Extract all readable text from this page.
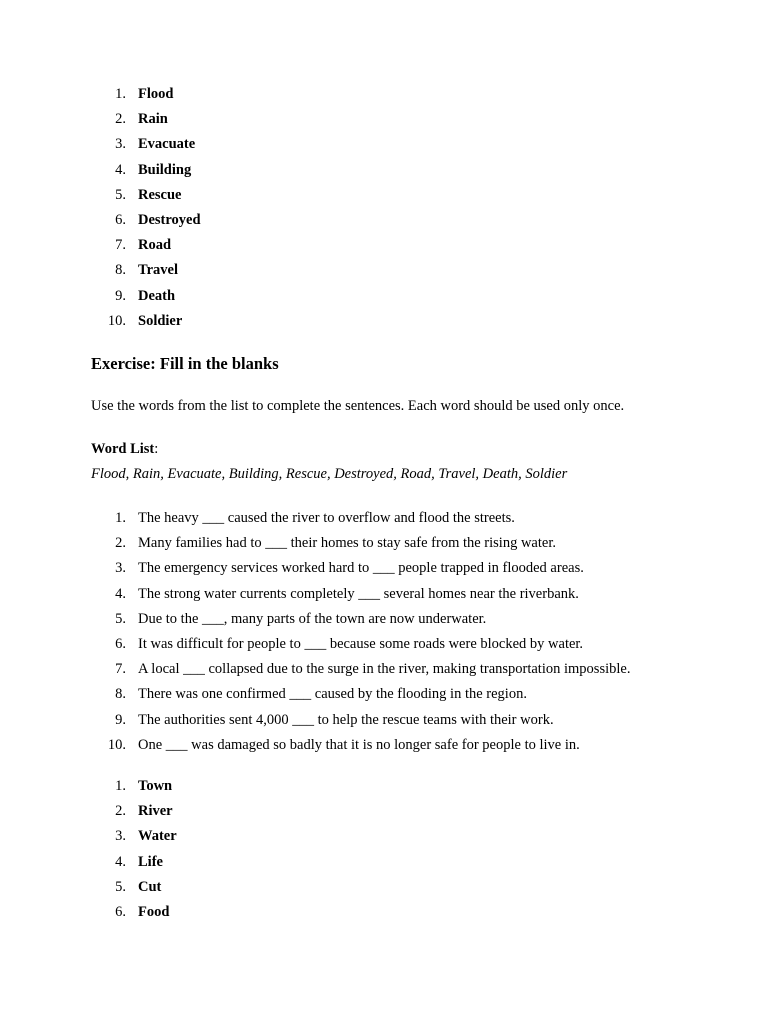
1. Flood
2. Rain
3. Evacuate
4. Building
5. Rescue
6. Destroyed
7. Road
8. Travel
9. Death
10. Soldier
Exercise: Fill in the blanks
Use the words from the list to complete the sentences. Each word should be used only once.
Word List:
Flood, Rain, Evacuate, Building, Rescue, Destroyed, Road, Travel, Death, Soldier
1. The heavy ___ caused the river to overflow and flood the streets.
2. Many families had to ___ their homes to stay safe from the rising water.
3. The emergency services worked hard to ___ people trapped in flooded areas.
4. The strong water currents completely ___ several homes near the riverbank.
5. Due to the ___, many parts of the town are now underwater.
6. It was difficult for people to ___ because some roads were blocked by water.
7. A local ___ collapsed due to the surge in the river, making transportation impossible.
8. There was one confirmed ___ caused by the flooding in the region.
9. The authorities sent 4,000 ___ to help the rescue teams with their work.
10. One ___ was damaged so badly that it is no longer safe for people to live in.
1. Town
2. River
3. Water
4. Life
5. Cut
6. Food
